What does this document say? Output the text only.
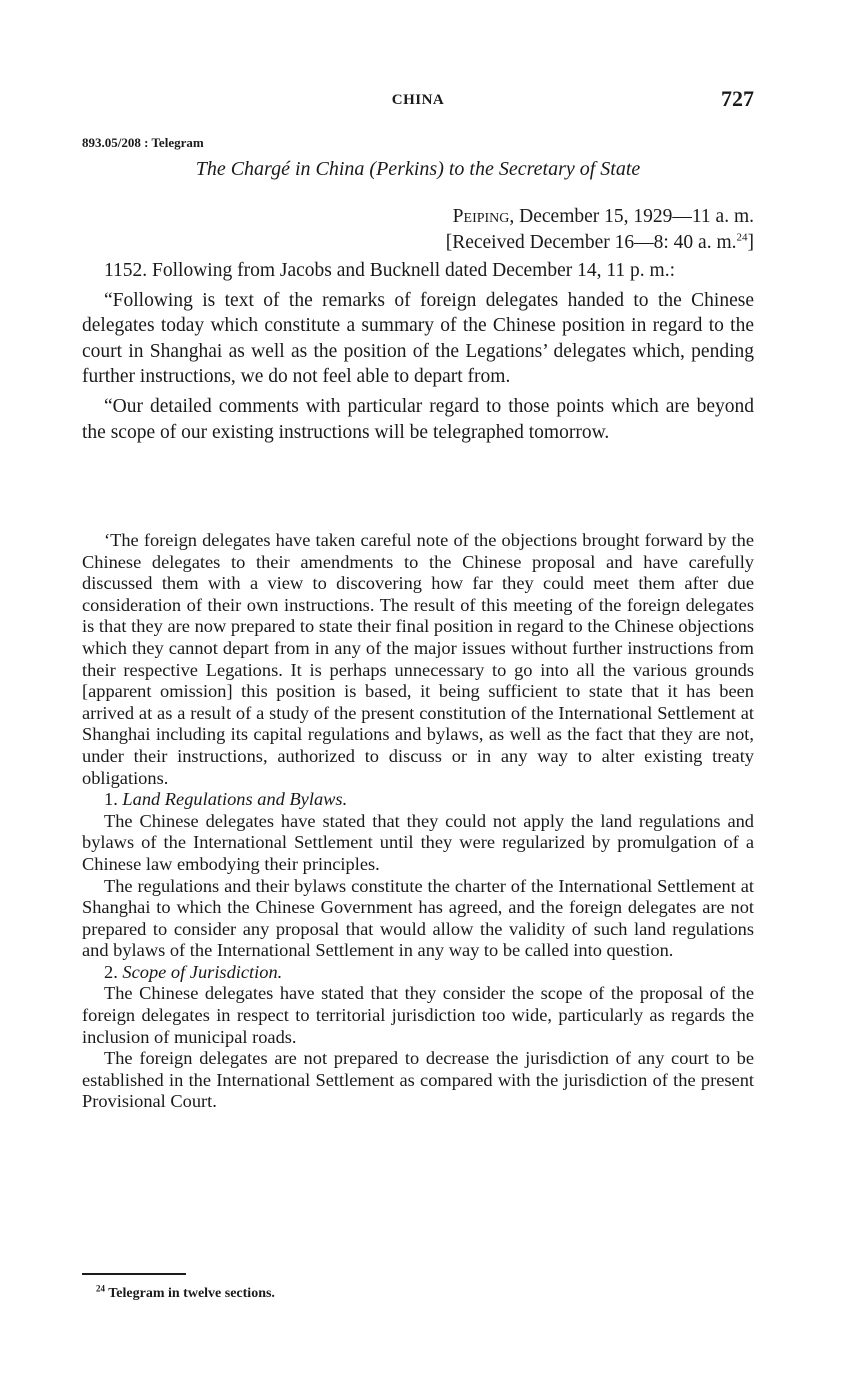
CHINA	727
893.05/208 : Telegram
The Chargé in China (Perkins) to the Secretary of State
Peiping, December 15, 1929—11 a. m.
[Received December 16—8: 40 a. m.$^{24}$]

1152. Following from Jacobs and Bucknell dated December 14, 11 p. m.:

“Following is text of the remarks of foreign delegates handed to the Chinese delegates today which constitute a summary of the Chinese position in regard to the court in Shanghai as well as the position of the Legations’ delegates which, pending further instructions, we do not feel able to depart from.

“Our detailed comments with particular regard to those points which are beyond the scope of our existing instructions will be telegraphed tomorrow.

‘The foreign delegates have taken careful note of the objections brought forward by the Chinese delegates to their amendments to the Chinese proposal and have carefully discussed them with a view to discovering how far they could meet them after due consideration of their own instructions. The result of this meeting of the foreign delegates is that they are now prepared to state their final position in regard to the Chinese objections which they cannot depart from in any of the major issues without further instructions from their respective Legations. It is perhaps unnecessary to go into all the various grounds [apparent omission] this position is based, it being sufficient to state that it has been arrived at as a result of a study of the present constitution of the International Settlement at Shanghai including its capital regulations and bylaws, as well as the fact that they are not, under their instructions, authorized to discuss or in any way to alter existing treaty obligations.

1. Land Regulations and Bylaws.

The Chinese delegates have stated that they could not apply the land regulations and bylaws of the International Settlement until they were regularized by promulgation of a Chinese law embodying their principles.

The regulations and their bylaws constitute the charter of the International Settlement at Shanghai to which the Chinese Government has agreed, and the foreign delegates are not prepared to consider any proposal that would allow the validity of such land regulations and bylaws of the International Settlement in any way to be called into question.

2. Scope of Jurisdiction.

The Chinese delegates have stated that they consider the scope of the proposal of the foreign delegates in respect to territorial jurisdiction too wide, particularly as regards the inclusion of municipal roads.

The foreign delegates are not prepared to decrease the jurisdiction of any court to be established in the International Settlement as compared with the jurisdiction of the present Provisional Court.

$^{24}$ Telegram in twelve sections.
